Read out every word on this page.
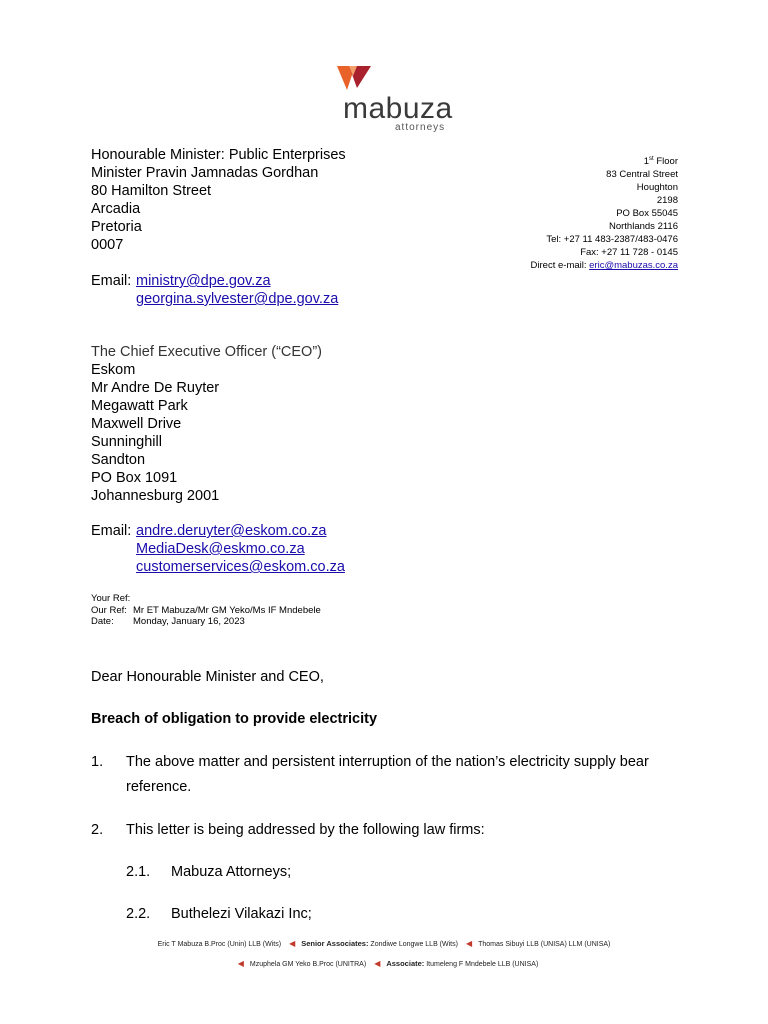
mabuza
attorneys
Honourable Minister: Public Enterprises
Minister Pravin Jamnadas Gordhan
80 Hamilton Street
Arcadia
Pretoria
0007
Email: ministry@dpe.gov.za
georgina.sylvester@dpe.gov.za
1st Floor
83 Central Street
Houghton
2198
PO Box 55045
Northlands 2116
Tel: +27 11 483-2387/483-0476
Fax: +27 11 728 - 0145
Direct e-mail: eric@mabuzas.co.za
The Chief Executive Officer (“CEO”)
Eskom
Mr Andre De Ruyter
Megawatt Park
Maxwell Drive
Sunninghill
Sandton
PO Box 1091
Johannesburg 2001
Email: andre.deruyter@eskom.co.za
MediaDesk@eskmo.co.za
customerservices@eskom.co.za
Your Ref:
Our Ref: Mr ET Mabuza/Mr GM Yeko/Ms IF Mndebele
Date:	Monday, January 16, 2023
Dear Honourable Minister and CEO,
Breach of obligation to provide electricity
1. The above matter and persistent interruption of the nation’s electricity supply bear
reference.
2. This letter is being addressed by the following law firms:
2.1. Mabuza Attorneys;
2.2. Buthelezi Vilakazi Inc;
Eric T Mabuza B.Proc (Unin) LLB (Wits) ◀ Senior Associates: Zondiwe Longwe LLB (Wits) ◀ Thomas Sibuyi LLB (UNISA) LLM (UNISA)
◀ Mzuphela GM Yeko B.Proc (UNITRA) ◀ Associate: Itumeleng F Mndebele LLB (UNISA)
